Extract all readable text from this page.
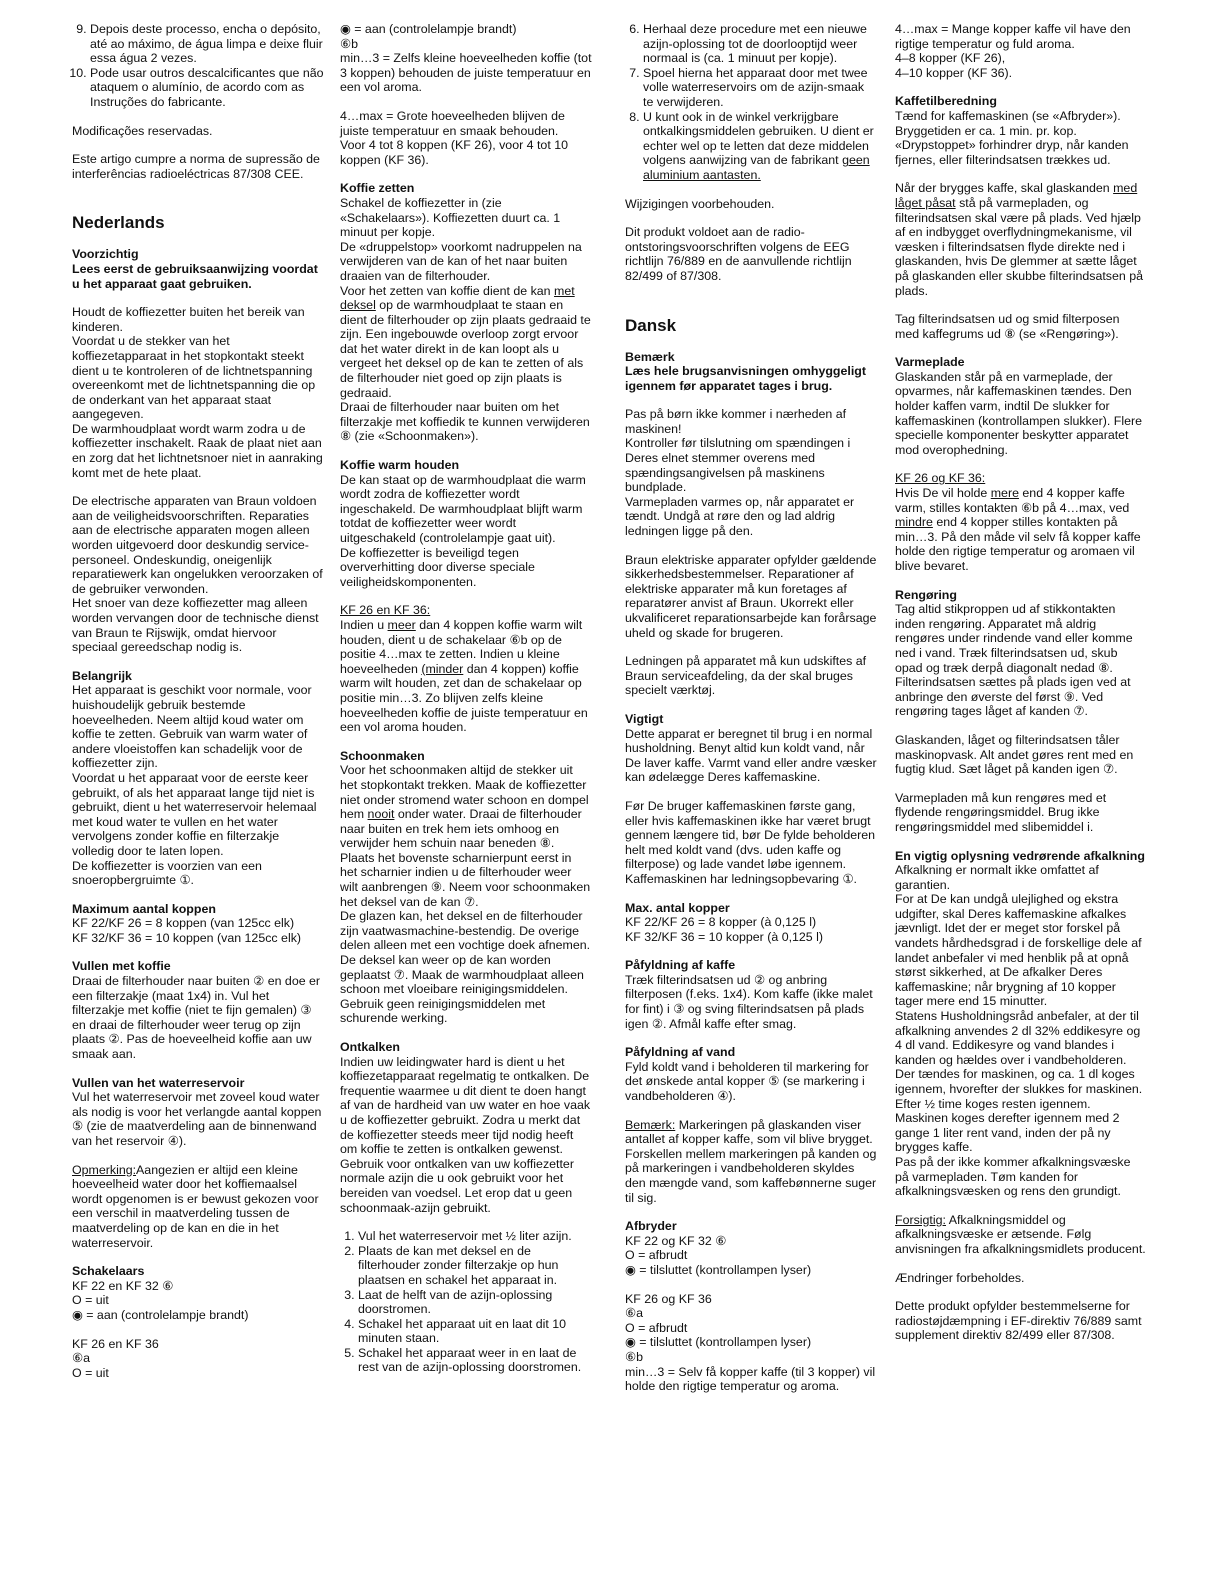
9. Depois deste processo, encha o depósito, até ao máximo, de água limpa e deixe fluir essa água 2 vezes.
10. Pode usar outros descalcificantes que não ataquem o alumínio, de acordo com as Instruções do fabricante.

Modificações reservadas.

Este artigo cumpre a norma de supressão de interferências radioeléctricas 87/308 CEE.

Nederlands
Voorzichtig

Lees eerst de gebruiksaanwijzing voordat u het apparaat gaat gebruiken.

Houdt de koffiezetter buiten het bereik van kinderen.

Voordat u de stekker van het koffiezetapparaat in het stopkontakt steekt dient u te kontroleren of de lichtnetspanning overeenkomt met de lichtnetspanning die op de onderkant van het apparaat staat aangegeven.

De warmhoudplaat wordt warm zodra u de koffiezetter inschakelt. Raak de plaat niet aan en zorg dat het lichtnetsnoer niet in aanraking komt met de hete plaat.

De electrische apparaten van Braun voldoen aan de veiligheidsvoorschriften. Reparaties aan de electrische apparaten mogen alleen worden uitgevoerd door deskundig service-personeel. Ondeskundig, oneigenlijk reparatiewerk kan ongelukken veroorzaken of de gebruiker verwonden.

Het snoer van deze koffiezetter mag alleen worden vervangen door de technische dienst van Braun te Rijswijk, omdat hiervoor speciaal gereedschap nodig is.

Belangrijk

Het apparaat is geschikt voor normale, voor huishoudelijk gebruik bestemde hoeveelheden. Neem altijd koud water om koffie te zetten. Gebruik van warm water of andere vloeistoffen kan schadelijk voor de koffiezetter zijn.

Voordat u het apparaat voor de eerste keer gebruikt, of als het apparaat lange tijd niet is gebruikt, dient u het waterreservoir helemaal met koud water te vullen en het water vervolgens zonder koffie en filterzakje volledig door te laten lopen.

De koffiezetter is voorzien van een snoeropbergruimte ①.

Maximum aantal koppen

KF 22/KF 26 = 8 koppen (van 125cc elk)

KF 32/KF 36 = 10 koppen (van 125cc elk)

Vullen met koffie

Draai de filterhouder naar buiten ② en doe er een filterzakje (maat 1x4) in. Vul het filterzakje met koffie (niet te fijn gemalen) ③ en draai de filterhouder weer terug op zijn plaats ②. Pas de hoeveelheid koffie aan uw smaak aan.

Vullen van het waterreservoir

Vul het waterreservoir met zoveel koud water als nodig is voor het verlangde aantal koppen ⑤ (zie de maatverdeling aan de binnenwand van het reservoir ④).

Opmerking:Aangezien er altijd een kleine hoeveelheid water door het koffiemaalsel wordt opgenomen is er bewust gekozen voor een verschil in maatverdeling tussen de maatverdeling op de kan en die in het waterreservoir.

Schakelaars

KF 22 en KF 32 ⑥

O = uit

◉ = aan (controlelampje brandt)

KF 26 en KF 36

⑥a

O = uit

◉ = aan (controlelampje brandt)

⑥b

min…3 = Zelfs kleine hoeveelheden koffie (tot 3 koppen) behouden de juiste temperatuur en een vol aroma.

4…max = Grote hoeveelheden blijven de juiste temperatuur en smaak behouden.

Voor 4 tot 8 koppen (KF 26), voor 4 tot 10 koppen (KF 36).

Koffie zetten

Schakel de koffiezetter in (zie «Schakelaars»). Koffiezetten duurt ca. 1 minuut per kopje.

De «druppelstop» voorkomt nadruppelen na verwijderen van de kan of het naar buiten draaien van de filterhouder.

Voor het zetten van koffie dient de kan met deksel op de warmhoudplaat te staan en dient de filterhouder op zijn plaats gedraaid te zijn. Een ingebouwde overloop zorgt ervoor dat het water direkt in de kan loopt als u vergeet het deksel op de kan te zetten of als de filterhouder niet goed op zijn plaats is gedraaid.

Draai de filterhouder naar buiten om het filterzakje met koffiedik te kunnen verwijderen ⑧ (zie «Schoonmaken»).

Koffie warm houden

De kan staat op de warmhoudplaat die warm wordt zodra de koffiezetter wordt ingeschakeld. De warmhoudplaat blijft warm totdat de koffiezetter weer wordt uitgeschakeld (controlelampje gaat uit).

De koffiezetter is beveiligd tegen oververhitting door diverse speciale veiligheidskomponenten.

KF 26 en KF 36:

Indien u meer dan 4 koppen koffie warm wilt houden, dient u de schakelaar ⑥b op de positie 4…max te zetten. Indien u kleine hoeveelheden (minder dan 4 koppen) koffie warm wilt houden, zet dan de schakelaar op positie min…3. Zo blijven zelfs kleine hoeveelheden koffie de juiste temperatuur en een vol aroma houden.

Schoonmaken

Voor het schoonmaken altijd de stekker uit het stopkontakt trekken. Maak de koffiezetter niet onder stromend water schoon en dompel hem nooit onder water. Draai de filterhouder naar buiten en trek hem iets omhoog en verwijder hem schuin naar beneden ⑧. Plaats het bovenste scharnierpunt eerst in het scharnier indien u de filterhouder weer wilt aanbrengen ⑨. Neem voor schoonmaken het deksel van de kan ⑦.

De glazen kan, het deksel en de filterhouder zijn vaatwasmachine-bestendig. De overige delen alleen met een vochtige doek afnemen. De deksel kan weer op de kan worden geplaatst ⑦. Maak de warmhoudplaat alleen schoon met vloeibare reinigingsmiddelen. Gebruik geen reinigingsmiddelen met schurende werking.

Ontkalken

Indien uw leidingwater hard is dient u het koffiezetapparaat regelmatig te ontkalken. De frequentie waarmee u dit dient te doen hangt af van de hardheid van uw water en hoe vaak u de koffiezetter gebruikt. Zodra u merkt dat de koffiezetter steeds meer tijd nodig heeft om koffie te zetten is ontkalken gewenst.

Gebruik voor ontkalken van uw koffiezetter normale azijn die u ook gebruikt voor het bereiden van voedsel. Let erop dat u geen schoonmaak-azijn gebruikt.

1. Vul het waterreservoir met ½ liter azijn.
2. Plaats de kan met deksel en de filterhouder zonder filterzakje op hun plaatsen en schakel het apparaat in.
3. Laat de helft van de azijn-oplossing doorstromen.
4. Schakel het apparaat uit en laat dit 10 minuten staan.
5. Schakel het apparaat weer in en laat de rest van de azijn-oplossing doorstromen.
6. Herhaal deze procedure met een nieuwe azijn-oplossing tot de doorlooptijd weer normaal is (ca. 1 minuut per kopje).
7. Spoel hierna het apparaat door met twee volle waterreservoirs om de azijn-smaak te verwijderen.
8. U kunt ook in de winkel verkrijgbare ontkalkingsmiddelen gebruiken. U dient er echter wel op te letten dat deze middelen volgens aanwijzing van de fabrikant geen aluminium aantasten.

Wijzigingen voorbehouden.

Dit produkt voldoet aan de radio-ontstoringsvoorschriften volgens de EEG richtlijn 76/889 en de aanvullende richtlijn 82/499 of 87/308.

Dansk
Bemærk

Læs hele brugsanvisningen omhyggeligt igennem før apparatet tages i brug.

Pas på børn ikke kommer i nærheden af maskinen!

Kontroller før tilslutning om spændingen i Deres elnet stemmer overens med spændingsangivelsen på maskinens bundplade.

Varmepladen varmes op, når apparatet er tændt. Undgå at røre den og lad aldrig ledningen ligge på den.

Braun elektriske apparater opfylder gældende sikkerhedsbestemmelser. Reparationer af elektriske apparater må kun foretages af reparatører anvist af Braun. Ukorrekt eller ukvalificeret reparationsarbejde kan forårsage uheld og skade for brugeren.

Ledningen på apparatet må kun udskiftes af Braun serviceafdeling, da der skal bruges specielt værktøj.

Vigtigt

Dette apparat er beregnet til brug i en normal husholdning. Benyt altid kun koldt vand, når De laver kaffe. Varmt vand eller andre væsker kan ødelægge Deres kaffemaskine.

Før De bruger kaffemaskinen første gang, eller hvis kaffemaskinen ikke har været brugt gennem længere tid, bør De fylde beholderen helt med koldt vand (dvs. uden kaffe og filterpose) og lade vandet løbe igennem.

Kaffemaskinen har ledningsopbevaring ①.

Max. antal kopper

KF 22/KF 26 = 8 kopper (à 0,125 l)

KF 32/KF 36 = 10 kopper (à 0,125 l)

Påfyldning af kaffe

Træk filterindsatsen ud ② og anbring filterposen (f.eks. 1x4). Kom kaffe (ikke malet for fint) i ③ og sving filterindsatsen på plads igen ②. Afmål kaffe efter smag.

Påfyldning af vand

Fyld koldt vand i beholderen til markering for det ønskede antal kopper ⑤ (se markering i vandbeholderen ④).

Bemærk: Markeringen på glaskanden viser antallet af kopper kaffe, som vil blive brygget. Forskellen mellem markeringen på kanden og på markeringen i vandbeholderen skyldes den mængde vand, som kaffebønnerne suger til sig.

Afbryder

KF 22 og KF 32 ⑥

O = afbrudt

◉ = tilsluttet (kontrollampen lyser)

KF 26 og KF 36

⑥a

O = afbrudt

◉ = tilsluttet (kontrollampen lyser)

⑥b

min…3 = Selv få kopper kaffe (til 3 kopper) vil holde den rigtige temperatur og aroma.

4…max = Mange kopper kaffe vil have den rigtige temperatur og fuld aroma.

4–8 kopper (KF 26),

4–10 kopper (KF 36).

Kaffetilberedning

Tænd for kaffemaskinen (se «Afbryder»). Bryggetiden er ca. 1 min. pr. kop. «Drypstoppet» forhindrer dryp, når kanden fjernes, eller filterindsatsen trækkes ud.

Når der brygges kaffe, skal glaskanden med låget påsat stå på varmepladen, og filterindsatsen skal være på plads. Ved hjælp af en indbygget overflydningmekanisme, vil væsken i filterindsatsen flyde direkte ned i glaskanden, hvis De glemmer at sætte låget på glaskanden eller skubbe filterindsatsen på plads.

Tag filterindsatsen ud og smid filterposen med kaffegrums ud ⑧ (se «Rengøring»).

Varmeplade

Glaskanden står på en varmeplade, der opvarmes, når kaffemaskinen tændes. Den holder kaffen varm, indtil De slukker for kaffemaskinen (kontrollampen slukker). Flere specielle komponenter beskytter apparatet mod overophedning.

KF 26 og KF 36:

Hvis De vil holde mere end 4 kopper kaffe varm, stilles kontakten ⑥b på 4…max, ved mindre end 4 kopper stilles kontakten på min…3. På den måde vil selv få kopper kaffe holde den rigtige temperatur og aromaen vil blive bevaret.

Rengøring

Tag altid stikproppen ud af stikkontakten inden rengøring. Apparatet må aldrig rengøres under rindende vand eller komme ned i vand. Træk filterindsatsen ud, skub opad og træk derpå diagonalt nedad ⑧. Filterindsatsen sættes på plads igen ved at anbringe den øverste del først ⑨. Ved rengøring tages låget af kanden ⑦.

Glaskanden, låget og filterindsatsen tåler maskinopvask. Alt andet gøres rent med en fugtig klud. Sæt låget på kanden igen ⑦.

Varmepladen må kun rengøres med et flydende rengøringsmiddel. Brug ikke rengøringsmiddel med slibemiddel i.

En vigtig oplysning vedrørende afkalkning

Afkalkning er normalt ikke omfattet af garantien.

For at De kan undgå ulejlighed og ekstra udgifter, skal Deres kaffemaskine afkalkes jævnligt. Idet der er meget stor forskel på vandets hårdhedsgrad i de forskellige dele af landet anbefaler vi med henblik på at opnå størst sikkerhed, at De afkalker Deres kaffemaskine; når brygning af 10 kopper tager mere end 15 minutter.

Statens Husholdningsråd anbefaler, at der til afkalkning anvendes 2 dl 32% eddikesyre og 4 dl vand. Eddikesyre og vand blandes i kanden og hældes over i vandbeholderen. Der tændes for maskinen, og ca. 1 dl koges igennem, hvorefter der slukkes for maskinen. Efter ½ time koges resten igennem. Maskinen koges derefter igennem med 2 gange 1 liter rent vand, inden der på ny brygges kaffe.

Pas på der ikke kommer afkalkningsvæske på varmepladen. Tøm kanden for afkalkningsvæsken og rens den grundigt.

Forsigtig: Afkalkningsmiddel og afkalkningsvæske er ætsende. Følg anvisningen fra afkalkningsmidlets producent.

Ændringer forbeholdes.

Dette produkt opfylder bestemmelserne for radiostøjdæmpning i EF-direktiv 76/889 samt supplement direktiv 82/499 eller 87/308.
